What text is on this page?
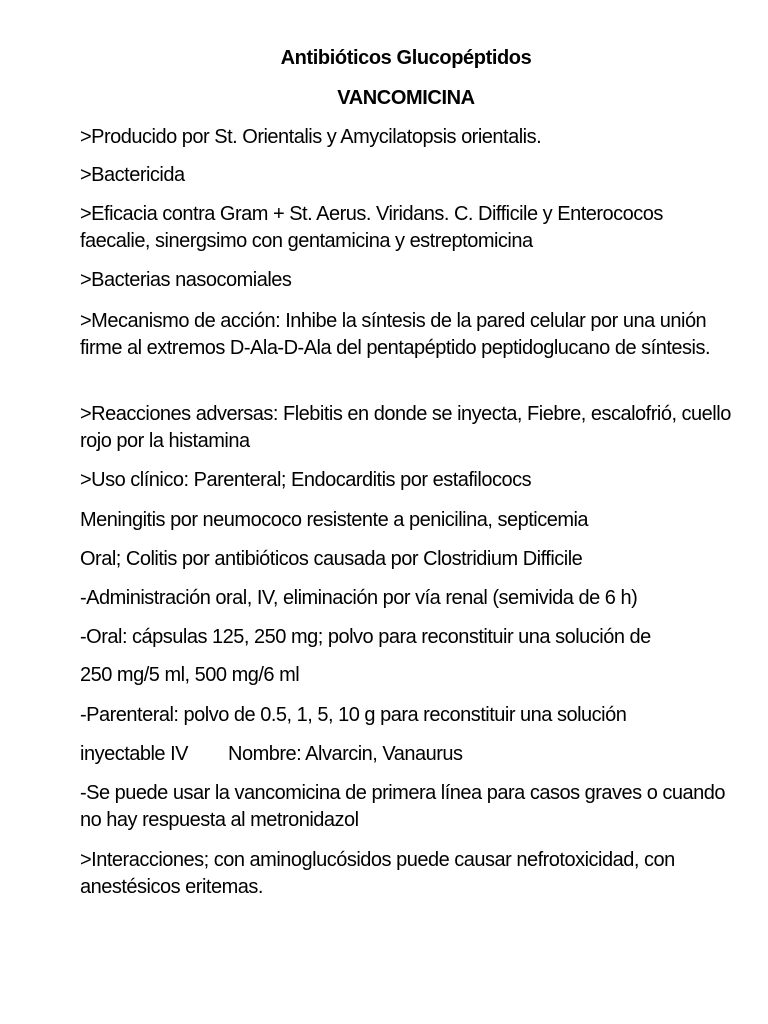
Antibióticos Glucopéptidos
VANCOMICINA
>Producido por St. Orientalis y Amycilatopsis orientalis.
>Bactericida
>Eficacia contra Gram + St. Aerus. Viridans. C. Difficile y Enterococos faecalie, sinergsimo con gentamicina y estreptomicina
>Bacterias nasocomiales
>Mecanismo de acción: Inhibe la síntesis de la pared celular por una unión firme al extremos D-Ala-D-Ala del pentapéptido peptidoglucano de síntesis.
>Reacciones adversas: Flebitis en donde se inyecta, Fiebre, escalofrió, cuello rojo por la histamina
>Uso clínico: Parenteral; Endocarditis por estafilococs
Meningitis por neumococo resistente a penicilina, septicemia
Oral; Colitis por antibióticos causada por Clostridium Difficile
-Administración oral, IV, eliminación por vía renal (semivida de 6 h)
-Oral: cápsulas 125, 250 mg; polvo para reconstituir una solución de
250 mg/5 ml, 500 mg/6 ml
-Parenteral: polvo de 0.5, 1, 5, 10 g para reconstituir una solución
inyectable IV Nombre: Alvarcin, Vanaurus
-Se puede usar la vancomicina de primera línea para casos graves o cuando no hay respuesta al metronidazol
>Interacciones; con aminoglucósidos puede causar nefrotoxicidad, con anestésicos eritemas.
